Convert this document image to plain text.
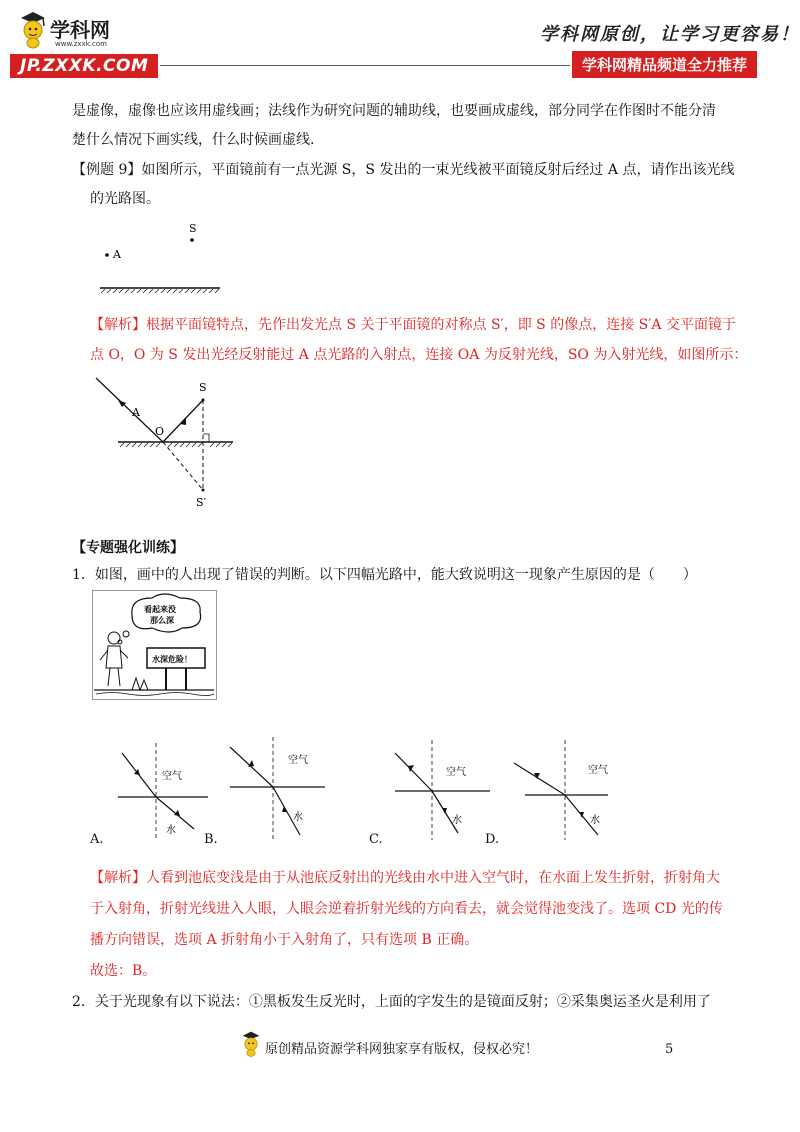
学科网
www.zxxk.com
JP.ZXXK.COM
学科网原创，让学习更容易！
学科网精品频道全力推荐
是虚像，虚像也应该用虚线画；法线作为研究问题的辅助线，也要画成虚线，部分同学在作图时不能分清
楚什么情况下画实线，什么时候画虚线.
【例题 9】如图所示，平面镜前有一点光源 S，S 发出的一束光线被平面镜反射后经过 A 点，请作出该光线
的光路图。
S
A
【解析】根据平面镜特点，先作出发光点 S 关于平面镜的对称点 S′，即 S 的像点，连接 S′A 交平面镜于
点 O，O 为 S 发出光经反射能过 A 点光路的入射点，连接 OA 为反射光线，SO 为入射光线，如图所示：
A
S
O
S′
【专题强化训练】
1．如图，画中的人出现了错误的判断。以下四幅光路中，能大致说明这一现象产生原因的是（　　）
看起来没
那么深
水深危险！
空气
水
空气
水
空气
水
空气
水
A.	B.	C.	D.
【解析】人看到池底变浅是由于从池底反射出的光线由水中进入空气时，在水面上发生折射，折射角大
于入射角，折射光线进入人眼，人眼会逆着折射光线的方向看去，就会觉得池变浅了。选项 CD 光的传
播方向错误，选项 A 折射角小于入射角了，只有选项 B 正确。
故选：B。
2．关于光现象有以下说法：①黑板发生反光时，上面的字发生的是镜面反射；②采集奥运圣火是利用了
原创精品资源学科网独家享有版权，侵权必究！	5
